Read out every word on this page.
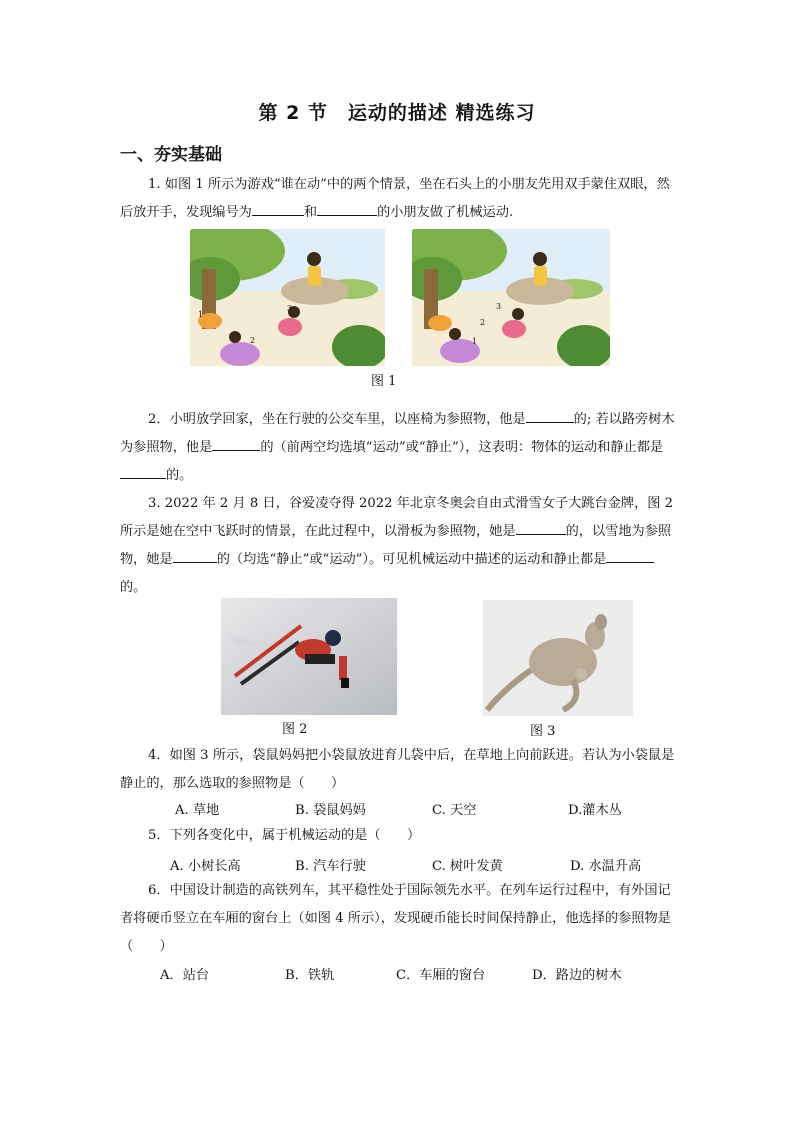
第 2 节　运动的描述 精选练习
一、夯实基础
1. 如图 1 所示为游戏“谁在动”中的两个情景，坐在石头上的小朋友先用双手蒙住双眼，然后放开手，发现编号为	和	的小朋友做了机械运动.
3
2
1
2
3
1
图 1
2．小明放学回家，坐在行驶的公交车里，以座椅为参照物，他是	的; 若以路旁树木为参照物，他是	的（前两空均选填“运动”或“静止”），这表明：物体的运动和静止都是的。
3. 2022 年 2 月 8 日，谷爱凌夺得 2022 年北京冬奥会自由式滑雪女子大跳台金牌，图 2 所示是她在空中飞跃时的情景，在此过程中，以滑板为参照物，她是	的，以雪地为参照物，她是	的（均选“静止”或“运动”）。可见机械运动中描述的运动和静止都是的。
图 2	图 3
4．如图 3 所示，袋鼠妈妈把小袋鼠放进育儿袋中后，在草地上向前跃进。若认为小袋鼠是静止的，那么选取的参照物是（　　）
A. 草地	B. 袋鼠妈妈	C. 天空	D.灌木丛
5．下列各变化中，属于机械运动的是（　　）
A. 小树长高	B. 汽车行驶	C. 树叶发黄	D. 水温升高
6．中国设计制造的高铁列车，其平稳性处于国际领先水平。在列车运行过程中，有外国记者将硬币竖立在车厢的窗台上（如图 4 所示），发现硬币能长时间保持静止，他选择的参照物是（　　）
A．站台	B．铁轨	C．车厢的窗台	D．路边的树木
